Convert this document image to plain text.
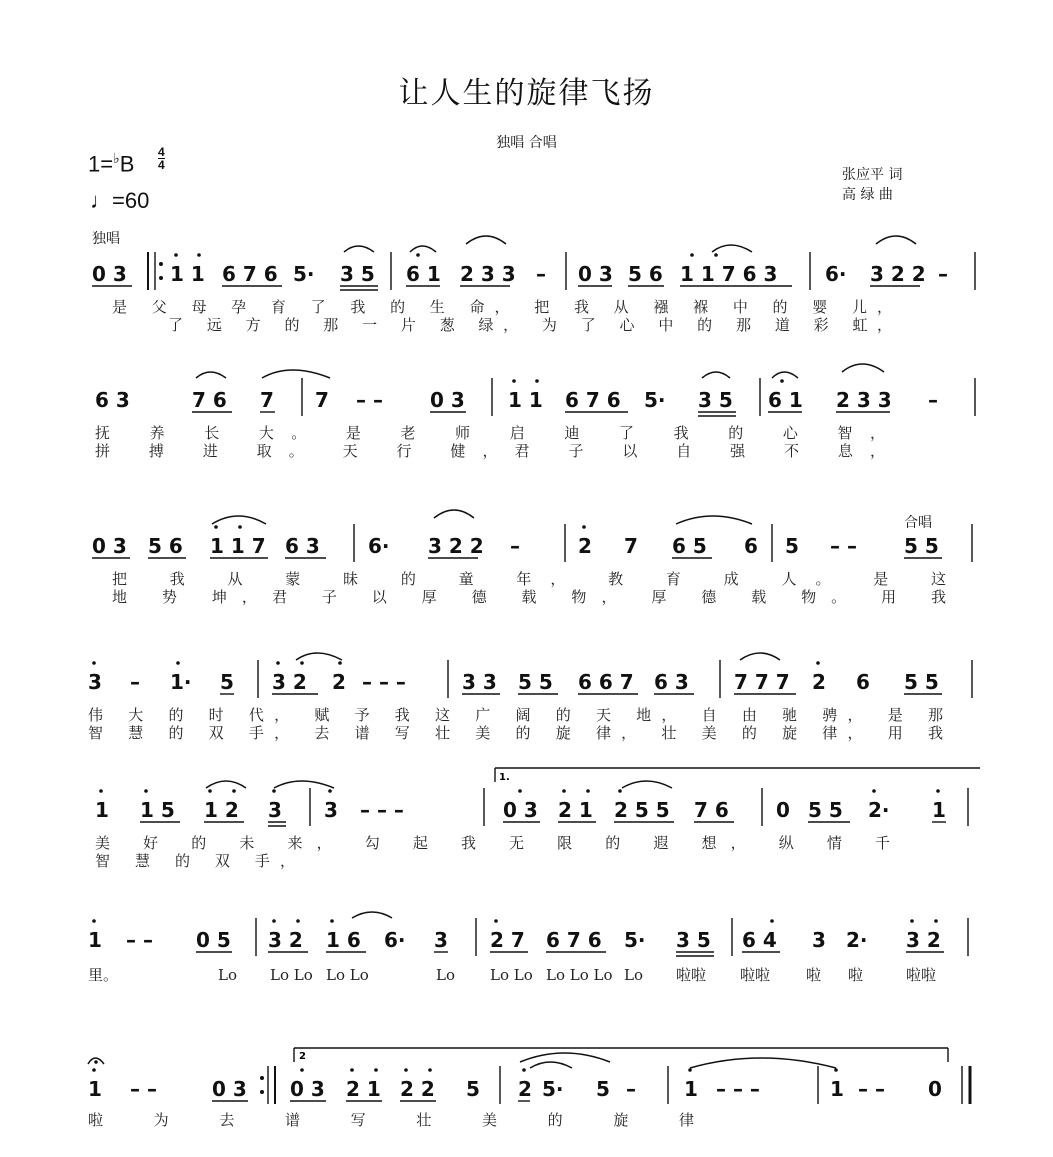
让人生的旋律飞扬
独唱 合唱
1=♭B 4
4
♩=60
张应平 词
高 绿 曲
独唱
合唱
0 3 1 1 6 7 6 5· 3 5 6 1 2 3 3 – 0 3 5 6 1 1 7 6 3 6· 3 2 2 –
是 父 母 孕 育 了 我 的 生 命， 把 我 从 襁 褓 中 的 婴 儿，
了 远 方 的 那 一 片 葱 绿， 为 了 心 中 的 那 道 彩 虹，
6 3	7 6 7 7 – – 0 3 1 1 6 7 6 5· 3 5 6 1 2 3 3 –
抚 养 长 大。 是 老 师 启 迪 了 我 的 心 智，
拼 搏 进 取。 天 行 健，君 子 以 自 强 不 息，
0 3 5 6 1 1 7 6 3 6· 3 2 2 –	2 7 6 5 6 5 – – 5 5
把 我 从 蒙 昧 的 童 年， 教 育 成 人。 是 这
地 势 坤，君 子 以 厚 德 载 物， 厚 德 载 物。 用 我
3 – 1· 5 3 2 2 – – –	3 3 5 5 6 6 7 6 3 7 7 7 2 6 5 5
伟 大 的 时 代， 赋 予 我 这 广 阔 的 天 地， 自 由 驰 骋， 是 那
智 慧 的 双 手， 去 谱 写 壮 美 的 旋 律， 壮 美 的 旋 律， 用 我
1.
1 1 5 1 2 3 3 – – –	0 3 2 1 2 5 5 7 6 0 5 5 2· 1
美 好 的 未 来， 勾 起 我 无 限 的 遐 想， 纵 情 千
智 慧 的 双 手，
1 – – 0 5 3 2 1 6 6· 3 2 7 6 7 6 5· 3 5 6 4 3 2· 3 2
里。	Lo Lo Lo Lo Lo	Lo Lo Lo Lo Lo Lo Lo 啦啦 啦啦 啦 啦	啦啦
2
1 – –	0 3 0 3 2 1 2 2 5 2 5· 5 – 1 – – –	1 – – 0
啦 为 去 谱 写 壮 美 的 旋 律
